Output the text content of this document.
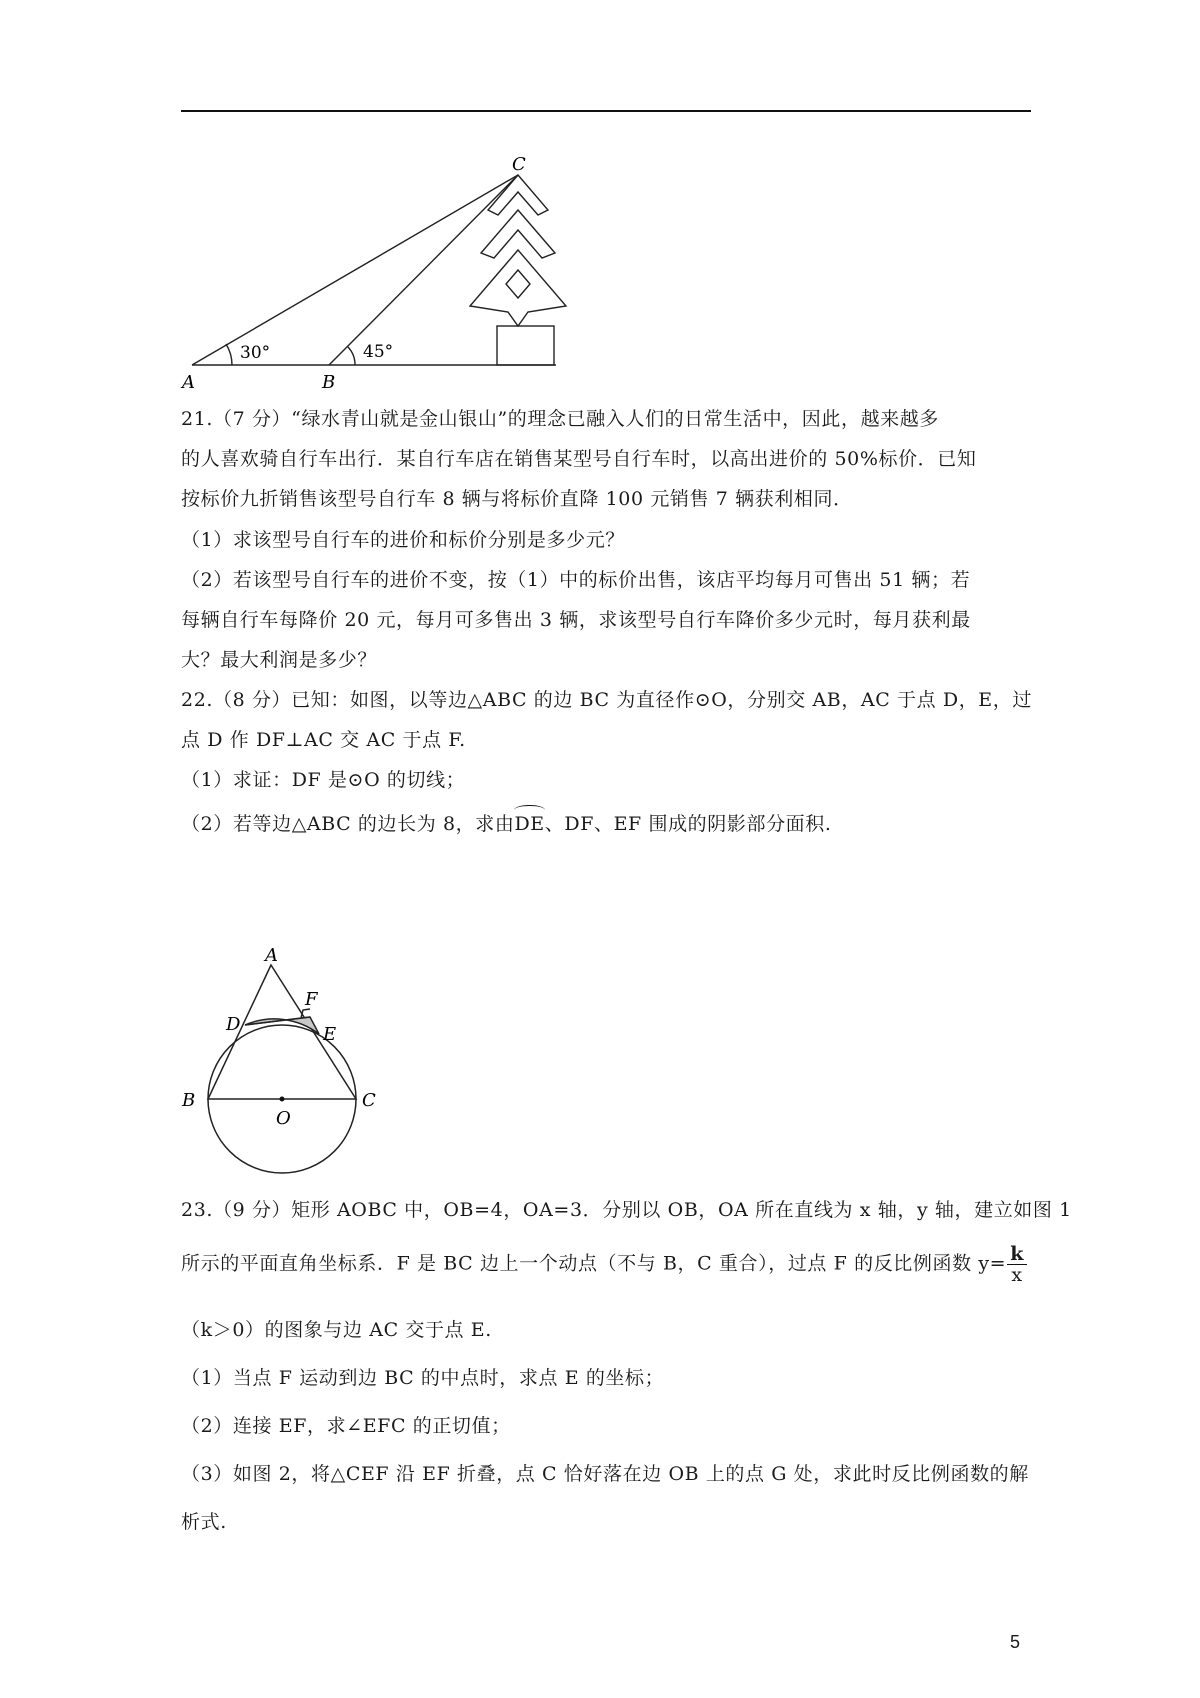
C
A	B
30°	45°
21.（7 分）“绿水青山就是金山银山”的理念已融入人们的日常生活中，因此，越来越多
的人喜欢骑自行车出行．某自行车店在销售某型号自行车时，以高出进价的 50%标价．已知
按标价九折销售该型号自行车 8 辆与将标价直降 100 元销售 7 辆获利相同．
（1）求该型号自行车的进价和标价分别是多少元？
（2）若该型号自行车的进价不变，按（1）中的标价出售，该店平均每月可售出 51 辆；若
每辆自行车每降价 20 元，每月可多售出 3 辆，求该型号自行车降价多少元时，每月获利最
大？最大利润是多少？
22.（8 分）已知：如图，以等边△ABC 的边 BC 为直径作⊙O，分别交 AB，AC 于点 D，E，过
点 D 作 DF⊥AC 交 AC 于点 F.
（1）求证：DF 是⊙O 的切线；
（2）若等边△ABC 的边长为 8，求由DE、DF、EF 围成的阴影部分面积.
A
F
D	E
B	C
O
23.（9 分）矩形 AOBC 中，OB=4，OA=3．分别以 OB，OA 所在直线为 x 轴，y 轴，建立如图 1
所示的平面直角坐标系．F 是 BC 边上一个动点（不与 B，C 重合），过点 F 的反比例函数 $y= \frac{k}{x}$
（k＞0）的图象与边 AC 交于点 E.
（1）当点 F 运动到边 BC 的中点时，求点 E 的坐标；
（2）连接 EF，求∠EFC 的正切值；
（3）如图 2，将△CEF 沿 EF 折叠，点 C 恰好落在边 OB 上的点 G 处，求此时反比例函数的解
析式.
5
